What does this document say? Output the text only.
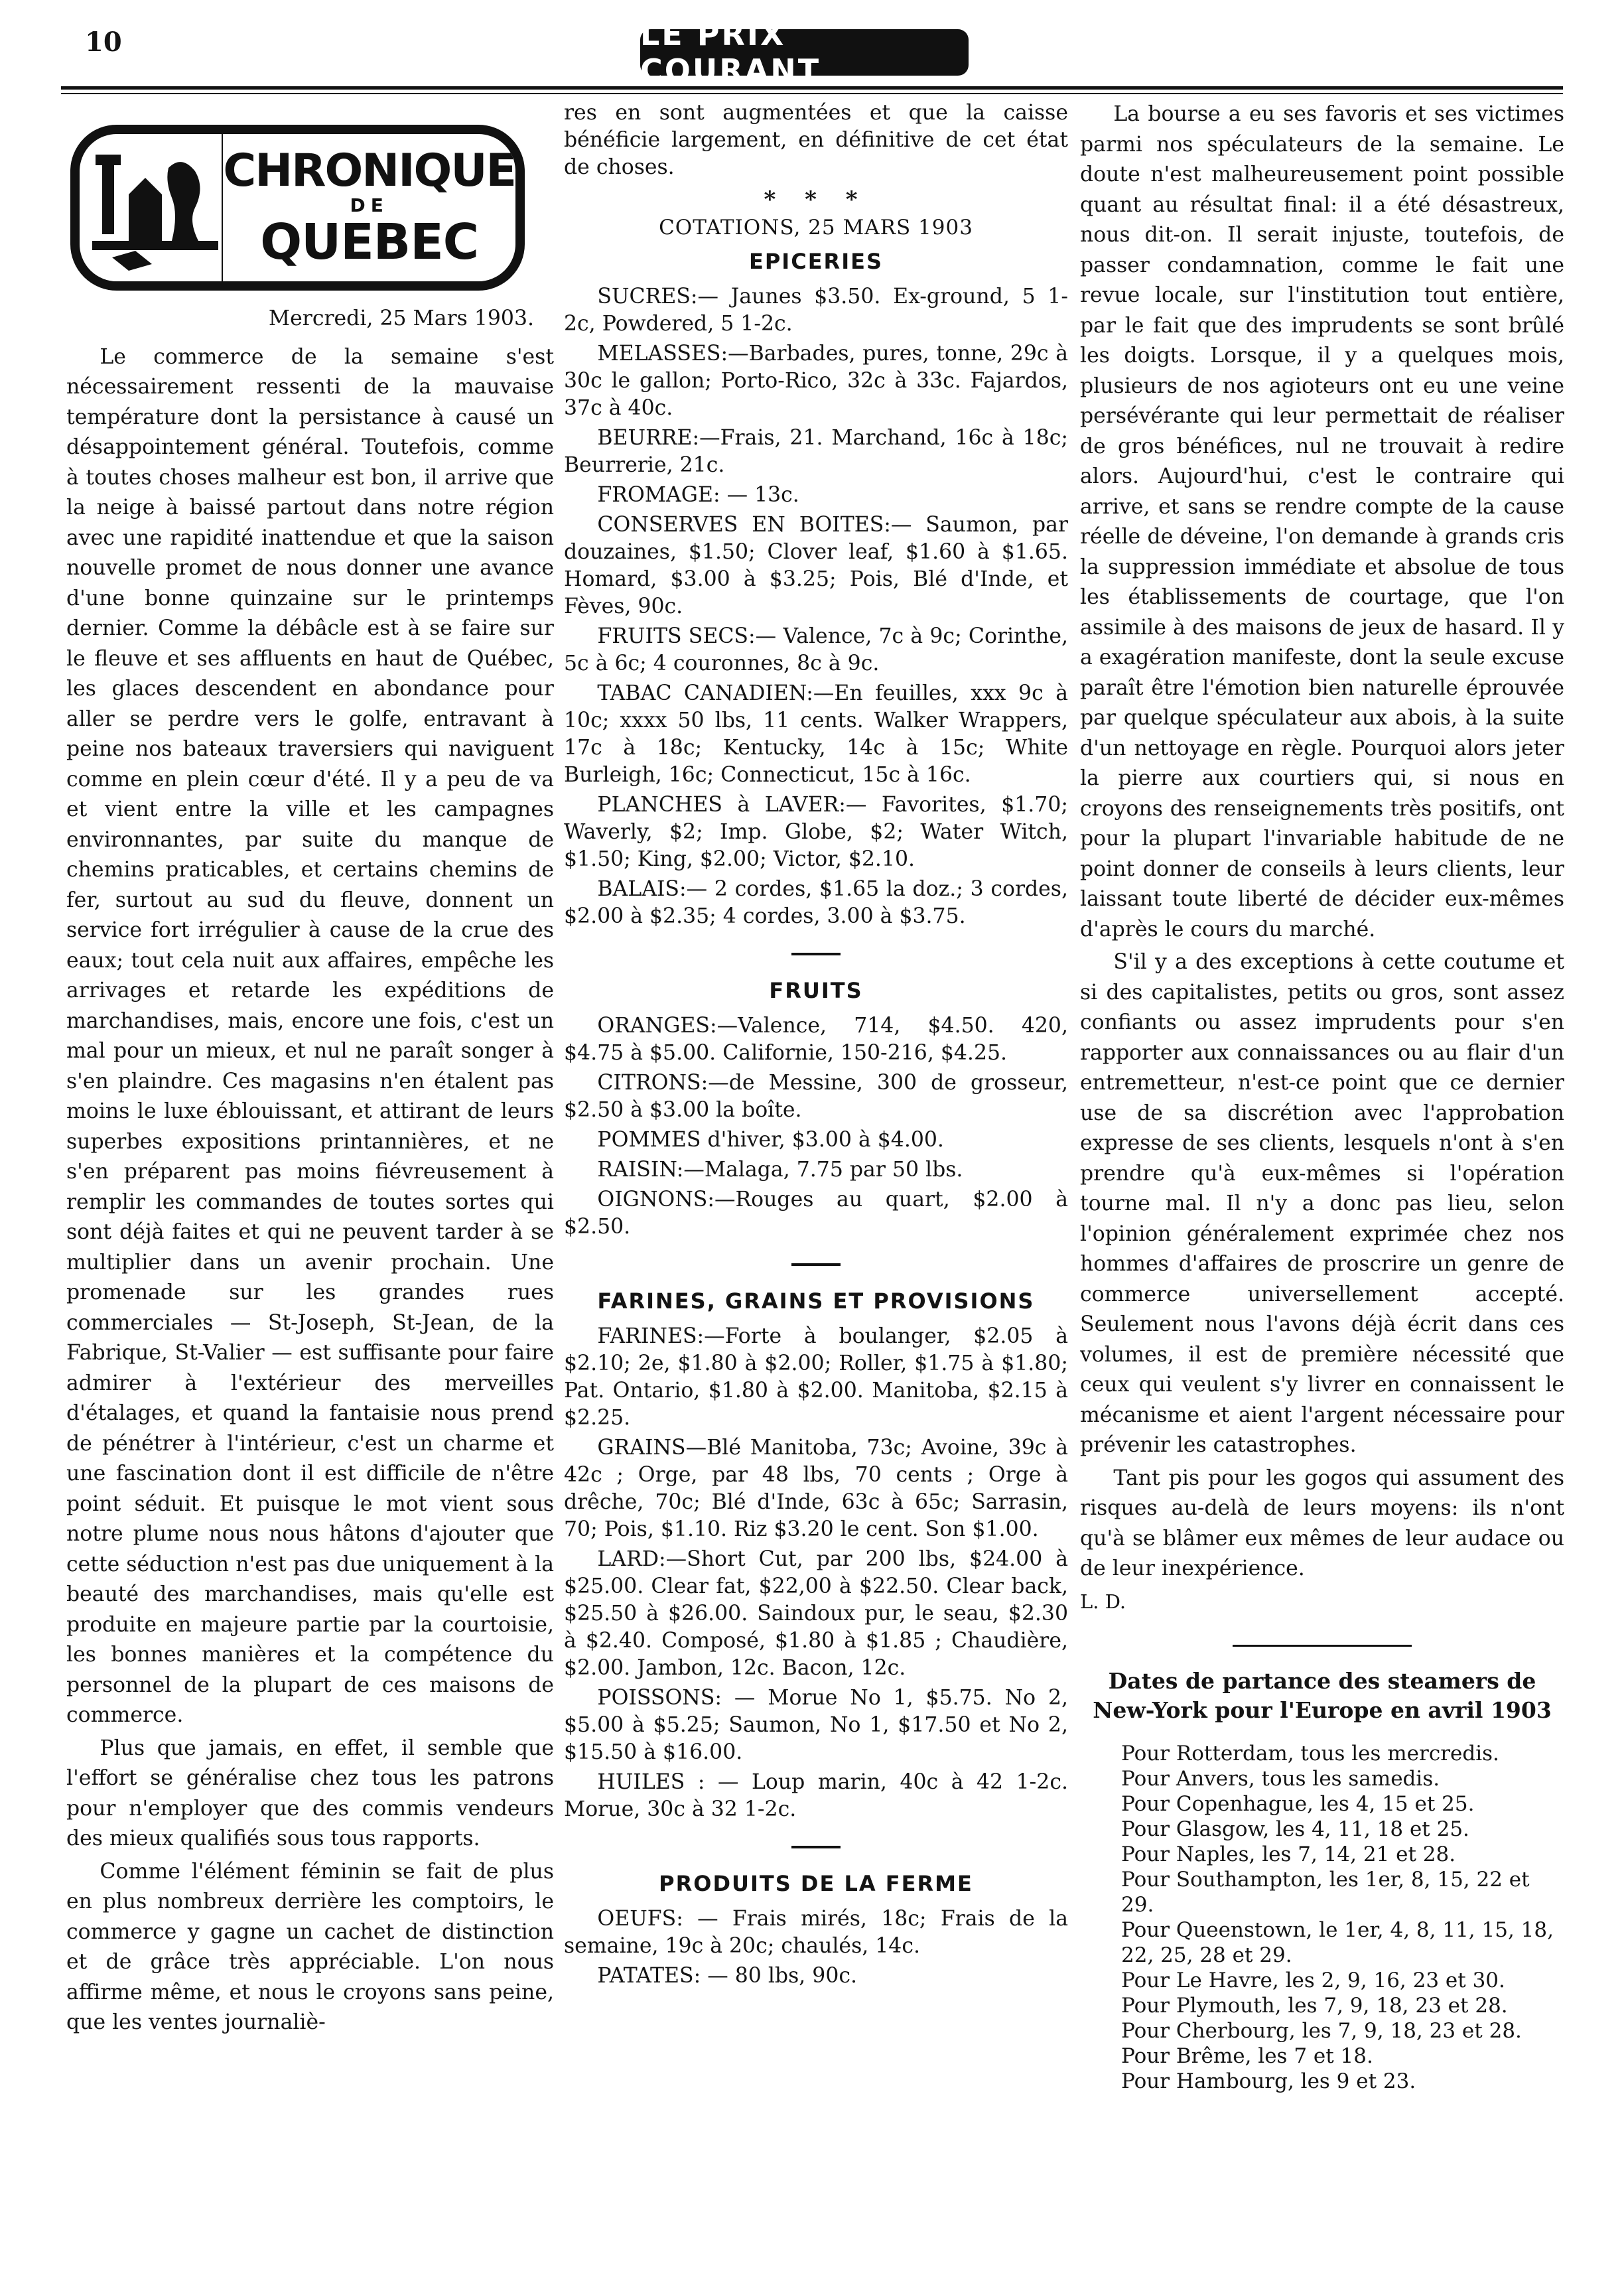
10	LE PRIX COURANT
CHRONIQUE
DE
QUEBEC

Mercredi, 25 Mars 1903.

Le commerce de la semaine s'est nécessairement ressenti de la mauvaise température dont la persistance à causé un désappointement général. Toutefois, comme à toutes choses malheur est bon, il arrive que la neige à baissé partout dans notre région avec une rapidité inattendue et que la saison nouvelle promet de nous donner une avance d'une bonne quinzaine sur le printemps dernier. Comme la débâcle est à se faire sur le fleuve et ses affluents en haut de Québec, les glaces descendent en abondance pour aller se perdre vers le golfe, entravant à peine nos bateaux traversiers qui naviguent comme en plein cœur d'été. Il y a peu de va et vient entre la ville et les campagnes environnantes, par suite du manque de chemins praticables, et certains chemins de fer, surtout au sud du fleuve, donnent un service fort irrégulier à cause de la crue des eaux; tout cela nuit aux affaires, empêche les arrivages et retarde les expéditions de marchandises, mais, encore une fois, c'est un mal pour un mieux, et nul ne paraît songer à s'en plaindre. Ces magasins n'en étalent pas moins le luxe éblouissant, et attirant de leurs superbes expositions printannières, et ne s'en préparent pas moins fiévreusement à remplir les commandes de toutes sortes qui sont déjà faites et qui ne peuvent tarder à se multiplier dans un avenir prochain. Une promenade sur les grandes rues commerciales — St-Joseph, St-Jean, de la Fabrique, St-Valier — est suffisante pour faire admirer à l'extérieur des merveilles d'étalages, et quand la fantaisie nous prend de pénétrer à l'intérieur, c'est un charme et une fascination dont il est difficile de n'être point séduit. Et puisque le mot vient sous notre plume nous nous hâtons d'ajouter que cette séduction n'est pas due uniquement à la beauté des marchandises, mais qu'elle est produite en majeure partie par la courtoisie, les bonnes manières et la compétence du personnel de la plupart de ces maisons de commerce.

Plus que jamais, en effet, il semble que l'effort se généralise chez tous les patrons pour n'employer que des commis vendeurs des mieux qualifiés sous tous rapports.

Comme l'élément féminin se fait de plus en plus nombreux derrière les comptoirs, le commerce y gagne un cachet de distinction et de grâce très appréciable. L'on nous affirme même, et nous le croyons sans peine, que les ventes journaliè-

res en sont augmentées et que la caisse bénéficie largement, en définitive de cet état de choses.

* * *
COTATIONS, 25 MARS 1903
EPICERIES

SUCRES:— Jaunes $3.50. Ex-ground, 5 1-2c, Powdered, 5 1-2c.

MELASSES:—Barbades, pures, tonne, 29c à 30c le gallon; Porto-Rico, 32c à 33c. Fajardos, 37c à 40c.

BEURRE:—Frais, 21. Marchand, 16c à 18c; Beurrerie, 21c.

FROMAGE: — 13c.

CONSERVES EN BOITES:— Saumon, par douzaines, $1.50; Clover leaf, $1.60 à $1.65. Homard, $3.00 à $3.25; Pois, Blé d'Inde, et Fèves, 90c.

FRUITS SECS:— Valence, 7c à 9c; Corinthe, 5c à 6c; 4 couronnes, 8c à 9c.

TABAC CANADIEN:—En feuilles, xxx 9c à 10c; xxxx 50 lbs, 11 cents. Walker Wrappers, 17c à 18c; Kentucky, 14c à 15c; White Burleigh, 16c; Connecticut, 15c à 16c.

PLANCHES à LAVER:— Favorites, $1.70; Waverly, $2; Imp. Globe, $2; Water Witch, $1.50; King, $2.00; Victor, $2.10.

BALAIS:— 2 cordes, $1.65 la doz.; 3 cordes, $2.00 à $2.35; 4 cordes, 3.00 à $3.75.

FRUITS

ORANGES:—Valence, 714, $4.50. 420, $4.75 à $5.00. Californie, 150-216, $4.25.

CITRONS:—de Messine, 300 de grosseur, $2.50 à $3.00 la boîte.

POMMES d'hiver, $3.00 à $4.00.

RAISIN:—Malaga, 7.75 par 50 lbs.

OIGNONS:—Rouges au quart, $2.00 à $2.50.

FARINES, GRAINS ET PROVISIONS

FARINES:—Forte à boulanger, $2.05 à $2.10; 2e, $1.80 à $2.00; Roller, $1.75 à $1.80; Pat. Ontario, $1.80 à $2.00. Manitoba, $2.15 à $2.25.

GRAINS—Blé Manitoba, 73c; Avoine, 39c à 42c ; Orge, par 48 lbs, 70 cents ; Orge à drêche, 70c; Blé d'Inde, 63c à 65c; Sarrasin, 70; Pois, $1.10. Riz $3.20 le cent. Son $1.00.

LARD:—Short Cut, par 200 lbs, $24.00 à $25.00. Clear fat, $22,00 à $22.50. Clear back, $25.50 à $26.00. Saindoux pur, le seau, $2.30 à $2.40. Composé, $1.80 à $1.85 ; Chaudière, $2.00. Jambon, 12c. Bacon, 12c.

POISSONS: — Morue No 1, $5.75. No 2, $5.00 à $5.25; Saumon, No 1, $17.50 et No 2, $15.50 à $16.00.

HUILES : — Loup marin, 40c à 42 1-2c. Morue, 30c à 32 1-2c.

PRODUITS DE LA FERME

OEUFS: — Frais mirés, 18c; Frais de la semaine, 19c à 20c; chaulés, 14c.

PATATES: — 80 lbs, 90c.

La bourse a eu ses favoris et ses victimes parmi nos spéculateurs de la semaine. Le doute n'est malheureusement point possible quant au résultat final: il a été désastreux, nous dit-on. Il serait injuste, toutefois, de passer condamnation, comme le fait une revue locale, sur l'institution tout entière, par le fait que des imprudents se sont brûlé les doigts. Lorsque, il y a quelques mois, plusieurs de nos agioteurs ont eu une veine persévérante qui leur permettait de réaliser de gros bénéfices, nul ne trouvait à redire alors. Aujourd'hui, c'est le contraire qui arrive, et sans se rendre compte de la cause réelle de déveine, l'on demande à grands cris la suppression immédiate et absolue de tous les établissements de courtage, que l'on assimile à des maisons de jeux de hasard. Il y a exagération manifeste, dont la seule excuse paraît être l'émotion bien naturelle éprouvée par quelque spéculateur aux abois, à la suite d'un nettoyage en règle. Pourquoi alors jeter la pierre aux courtiers qui, si nous en croyons des renseignements très positifs, ont pour la plupart l'invariable habitude de ne point donner de conseils à leurs clients, leur laissant toute liberté de décider eux-mêmes d'après le cours du marché.

S'il y a des exceptions à cette coutume et si des capitalistes, petits ou gros, sont assez confiants ou assez imprudents pour s'en rapporter aux connaissances ou au flair d'un entremetteur, n'est-ce point que ce dernier use de sa discrétion avec l'approbation expresse de ses clients, lesquels n'ont à s'en prendre qu'à eux-mêmes si l'opération tourne mal. Il n'y a donc pas lieu, selon l'opinion généralement exprimée chez nos hommes d'affaires de proscrire un genre de commerce universellement accepté. Seulement nous l'avons déjà écrit dans ces volumes, il est de première nécessité que ceux qui veulent s'y livrer en connaissent le mécanisme et aient l'argent nécessaire pour prévenir les catastrophes.

Tant pis pour les gogos qui assument des risques au-delà de leurs moyens: ils n'ont qu'à se blâmer eux mêmes de leur audace ou de leur inexpérience.

L. D.

Dates de partance des steamers de New-York pour l'Europe en avril 1903

Pour Rotterdam, tous les mercredis.

Pour Anvers, tous les samedis.

Pour Copenhague, les 4, 15 et 25.

Pour Glasgow, les 4, 11, 18 et 25.

Pour Naples, les 7, 14, 21 et 28.

Pour Southampton, les 1er, 8, 15, 22 et 29.

Pour Queenstown, le 1er, 4, 8, 11, 15, 18, 22, 25, 28 et 29.

Pour Le Havre, les 2, 9, 16, 23 et 30.

Pour Plymouth, les 7, 9, 18, 23 et 28.

Pour Cherbourg, les 7, 9, 18, 23 et 28.

Pour Brême, les 7 et 18.

Pour Hambourg, les 9 et 23.
